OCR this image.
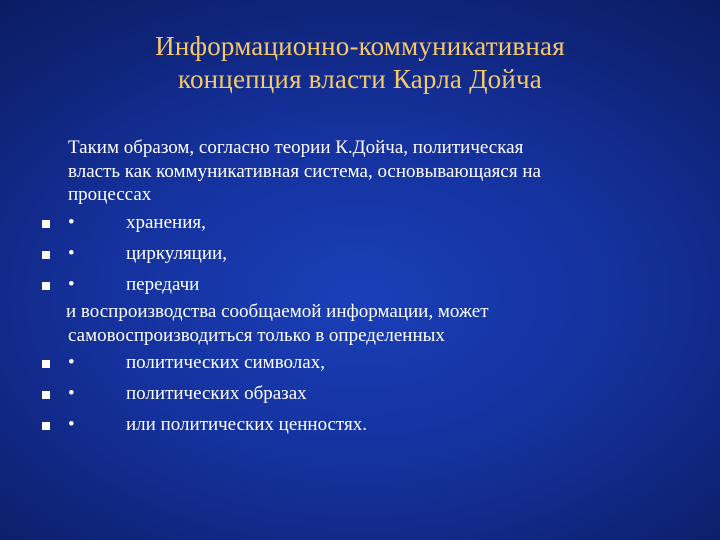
Информационно-коммуникативная
концепция власти Карла Дойча
Таким образом, согласно теории К.Дойча, политическая
власть как коммуникативная система, основывающаяся на
процессах
•	хранения,
•	циркуляции,
•	передачи
и воспроизводства сообщаемой информации, может
самовоспроизводиться только в определенных
•	политических символах,
•	политических образах
•	или политических ценностях.
